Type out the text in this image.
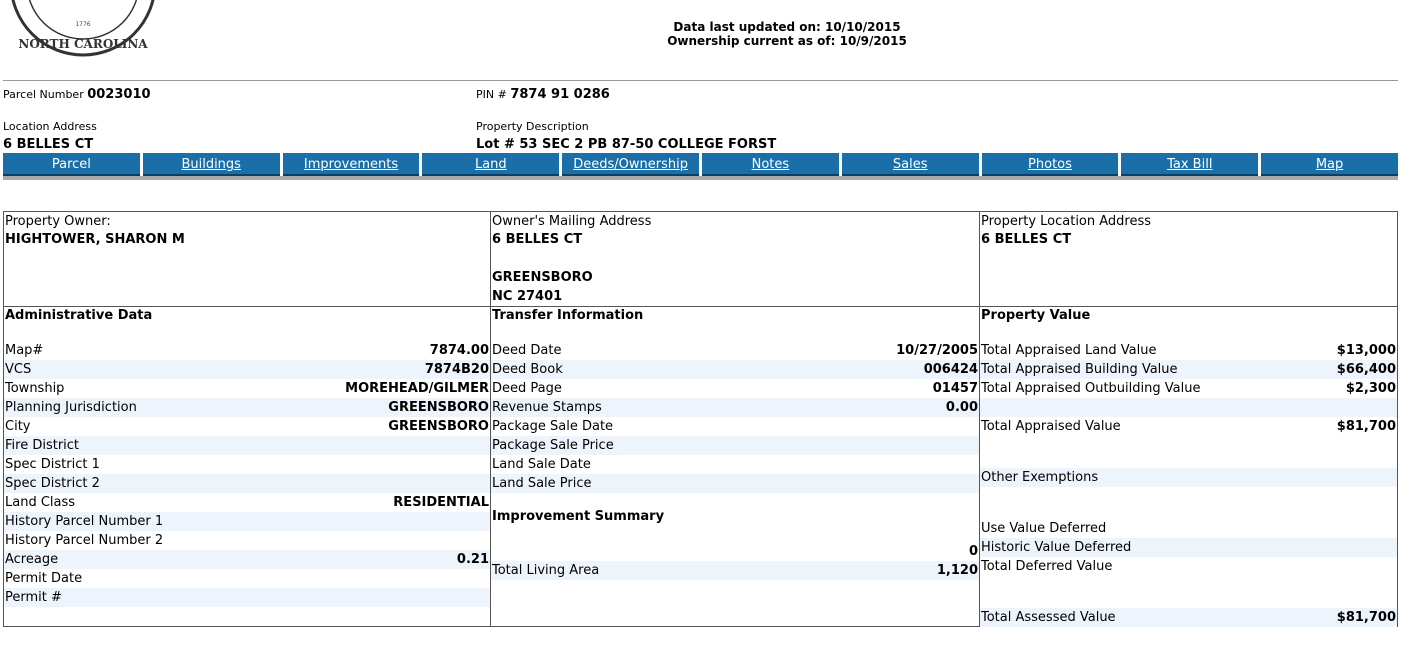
1776
NORTH CAROLINA
Data last updated on: 10/10/2015
Ownership current as of: 10/9/2015
Parcel Number 0023010	PIN # 7874 91 0286
Location Address
6 BELLES CT
Property Description
Lot # 53 SEC 2 PB 87-50 COLLEGE FORST
Parcel	Buildings	Improvements	Land	Deeds/Ownership	Notes	Sales	Photos	Tax Bill	Map
Property Owner:
HIGHTOWER, SHARON M
Administrative Data
Map#	7874.00
VCS	7874B20
Township	MOREHEAD/GILMER
Planning Jurisdiction	GREENSBORO
City	GREENSBORO
Fire District
Spec District 1
Spec District 2
Land Class	RESIDENTIAL
History Parcel Number 1
History Parcel Number 2
Acreage	0.21
Permit Date
Permit #
Owner's Mailing Address
6 BELLES CT
GREENSBORO
NC 27401
Transfer Information
Deed Date	10/27/2005
Deed Book	006424
Deed Page	01457
Revenue Stamps	0.00
Package Sale Date
Package Sale Price
Land Sale Date
Land Sale Price
Improvement Summary
0
Total Living Area	1,120
Property Location Address
6 BELLES CT
Property Value
Total Appraised Land Value	$13,000
Total Appraised Building Value	$66,400
Total Appraised Outbuilding Value	$2,300
Total Appraised Value	$81,700
Other Exemptions
Use Value Deferred
Historic Value Deferred
Total Deferred Value
Total Assessed Value	$81,700
